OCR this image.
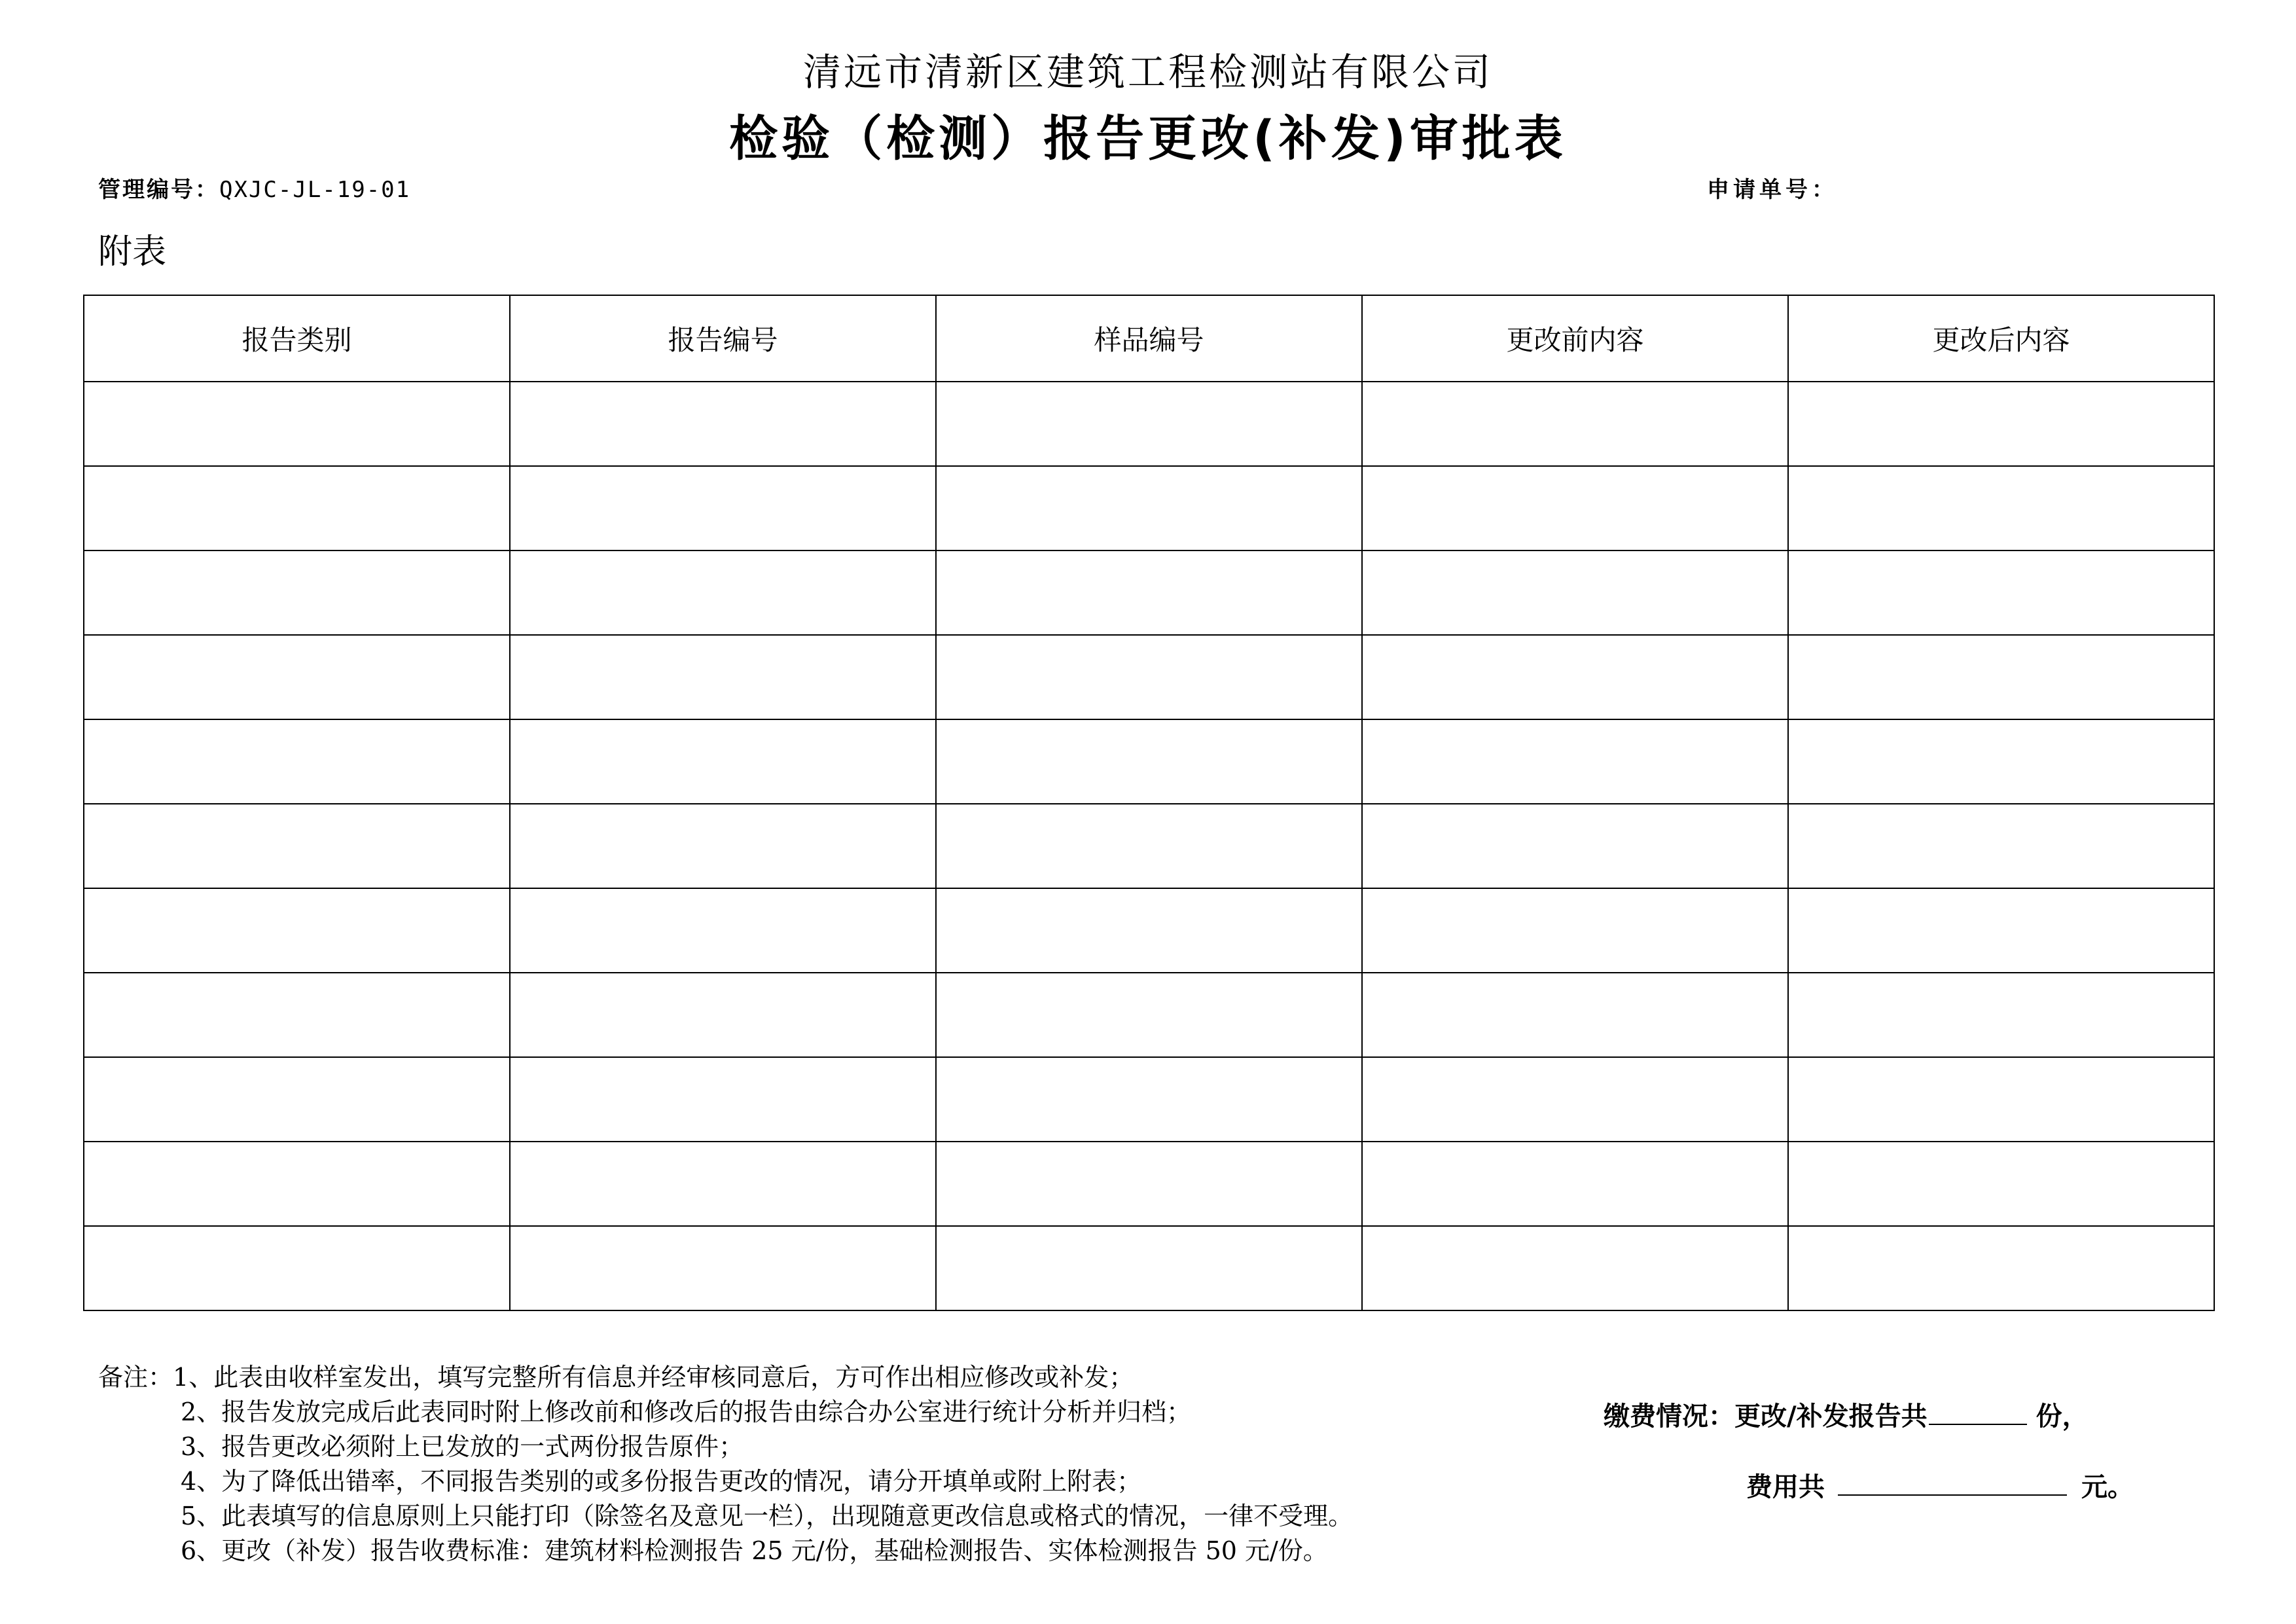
清远市清新区建筑工程检测站有限公司
检验（检测）报告更改(补发)审批表
管理编号：QXJC-JL-19-01	申请单号：
附表
报告类别	报告编号	样品编号	更改前内容	更改后内容

备注：1、此表由收样室发出，填写完整所有信息并经审核同意后，方可作出相应修改或补发；
2、报告发放完成后此表同时附上修改前和修改后的报告由综合办公室进行统计分析并归档；
3、报告更改必须附上已发放的一式两份报告原件；
4、为了降低出错率，不同报告类别的或多份报告更改的情况，请分开填单或附上附表；
5、此表填写的信息原则上只能打印（除签名及意见一栏），出现随意更改信息或格式的情况，一律不受理。
6、更改（补发）报告收费标准：建筑材料检测报告 25 元/份，基础检测报告、实体检测报告 50 元/份。
缴费情况：更改/补发报告共	份，
费用共	元。
